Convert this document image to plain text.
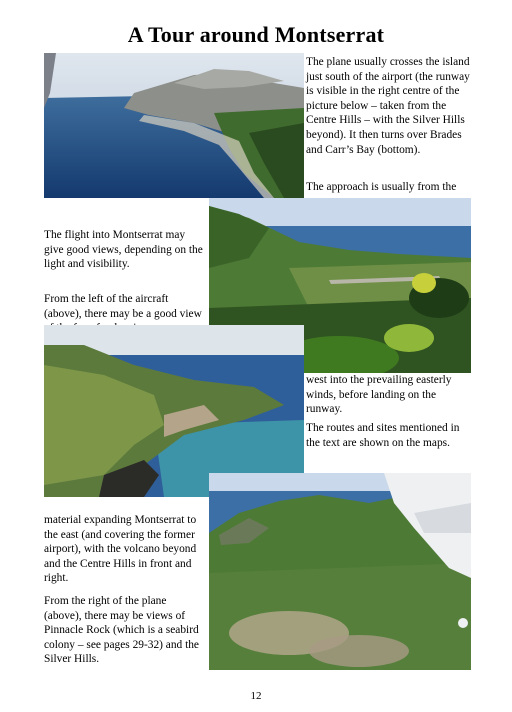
A Tour around Montserrat

The plane usually crosses the island just south of the airport (the runway is visible in the right centre of the picture below – taken from the Centre Hills – with the Silver Hills beyond). It then turns over Brades and Carr’s Bay (bottom).

The approach is usually from the

The flight into Montserrat may give good views, depending on the light and visibility.

From the left of the aircraft (above), there may be a good view

west into the prevailing easterly winds, before landing on the runway.

The routes and sites mentioned in the text are shown on the maps.

material expanding Montserrat to the east (and covering the former airport), with the volcano beyond and the Centre Hills in front and right.

From the right of the plane (above), there may be views of Pinnacle Rock (which is a seabird colony – see pages 29-32) and the Silver Hills.

12
